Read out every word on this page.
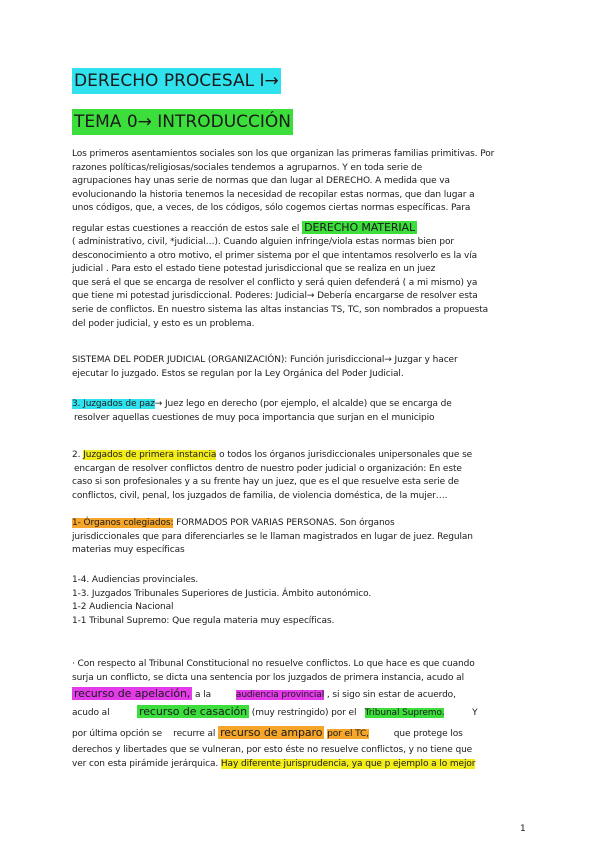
DERECHO PROCESAL I→
TEMA 0→ INTRODUCCIÓN
Los primeros asentamientos sociales son los que organizan las primeras familias primitivas. Por
razones políticas/religiosas/sociales tendemos a agruparnos. Y en toda serie de
agrupaciones hay unas serie de normas que dan lugar al DERECHO. A medida que va
evolucionando la historia tenemos la necesidad de recopilar estas normas, que dan lugar a
unos códigos, que, a veces, de los códigos, sólo cogemos ciertas normas específicas. Para
regular estas cuestiones a reacción de estos sale el DERECHO MATERIAL
( administrativo, civil, *judicial…). Cuando alguien infringe/viola estas normas bien por
desconocimiento a otro motivo, el primer sistema por el que intentamos resolverlo es la vía
judicial . Para esto el estado tiene potestad jurisdiccional que se realiza en un juez
que será el que se encarga de resolver el conflicto y será quien defenderá ( a mi mismo) ya
que tiene mi potestad jurisdiccional. Poderes: Judicial→ Debería encargarse de resolver esta
serie de conflictos. En nuestro sistema las altas instancias TS, TC, son nombrados a propuesta
del poder judicial, y esto es un problema.
SISTEMA DEL PODER JUDICIAL (ORGANIZACIÓN): Función jurisdiccional→ Juzgar y hacer
ejecutar lo juzgado. Estos se regulan por la Ley Orgánica del Poder Judicial.
3. Juzgados de paz→ Juez lego en derecho (por ejemplo, el alcalde) que se encarga de
resolver aquellas cuestiones de muy poca importancia que surjan en el municipio
2. Juzgados de primera instancia o todos los órganos jurisdiccionales unipersonales que se
encargan de resolver conflictos dentro de nuestro poder judicial o organización: En este
caso si son profesionales y a su frente hay un juez, que es el que resuelve esta serie de
conflictos, civil, penal, los juzgados de familia, de violencia doméstica, de la mujer….
1- Órganos colegiados: FORMADOS POR VARIAS PERSONAS. Son órganos
jurisdiccionales que para diferenciarles se le llaman magistrados en lugar de juez. Regulan
materias muy específicas
1-4. Audiencias provinciales.
1-3. Juzgados Tribunales Superiores de Justicia. Ámbito autonómico.
1-2 Audiencia Nacional
1-1 Tribunal Supremo: Que regula materia muy específicas.
· Con respecto al Tribunal Constitucional no resuelve conflictos. Lo que hace es que cuando
surja un conflicto, se dicta una sentencia por los juzgados de primera instancia, acudo al
recurso de apelación, a la         audiencia provincial , si sigo sin estar de acuerdo,
acudo al          recurso de casación (muy restringido) por el   Tribunal Supremo.          Y
por última opción se    recurre al recurso de amparo por el TC,         que protege los
derechos y libertades que se vulneran, por esto éste no resuelve conflictos, y no tiene que
ver con esta pirámide jerárquica. Hay diferente jurisprudencia, ya que p ejemplo a lo mejor
1
